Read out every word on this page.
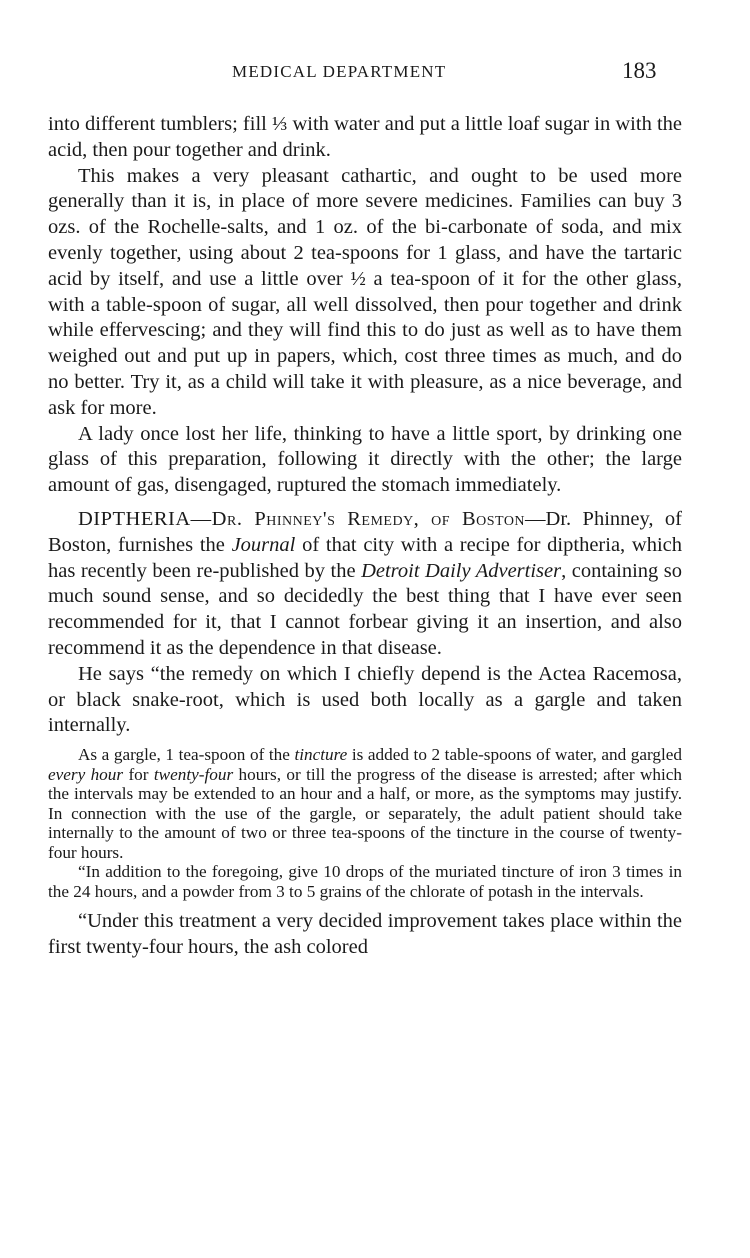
MEDICAL DEPARTMENT	183

into different tumblers; fill ⅓ with water and put a little loaf sugar in with the acid, then pour together and drink.

This makes a very pleasant cathartic, and ought to be used more generally than it is, in place of more severe medicines. Families can buy 3 ozs. of the Rochelle-salts, and 1 oz. of the bi-carbonate of soda, and mix evenly together, using about 2 tea-spoons for 1 glass, and have the tartaric acid by itself, and use a little over ½ a tea-spoon of it for the other glass, with a table-spoon of sugar, all well dissolved, then pour together and drink while effervescing; and they will find this to do just as well as to have them weighed out and put up in papers, which, cost three times as much, and do no better. Try it, as a child will take it with pleasure, as a nice beverage, and ask for more.

A lady once lost her life, thinking to have a little sport, by drinking one glass of this preparation, following it directly with the other; the large amount of gas, disengaged, ruptured the stomach immediately.

DIPTHERIA—Dr. Phinney's Remedy, of Boston—Dr. Phinney, of Boston, furnishes the Journal of that city with a recipe for diptheria, which has recently been re-published by the Detroit Daily Advertiser, containing so much sound sense, and so decidedly the best thing that I have ever seen recommended for it, that I cannot forbear giving it an insertion, and also recommend it as the dependence in that disease.

He says “the remedy on which I chiefly depend is the Actea Racemosa, or black snake-root, which is used both locally as a gargle and taken internally.

As a gargle, 1 tea-spoon of the tincture is added to 2 table-spoons of water, and gargled every hour for twenty-four hours, or till the progress of the disease is arrested; after which the intervals may be extended to an hour and a half, or more, as the symptoms may justify. In connection with the use of the gargle, or separately, the adult patient should take internally to the amount of two or three tea-spoons of the tincture in the course of twenty-four hours.

“In addition to the foregoing, give 10 drops of the muriated tincture of iron 3 times in the 24 hours, and a powder from 3 to 5 grains of the chlorate of potash in the intervals.

“Under this treatment a very decided improvement takes place within the first twenty-four hours, the ash colored
